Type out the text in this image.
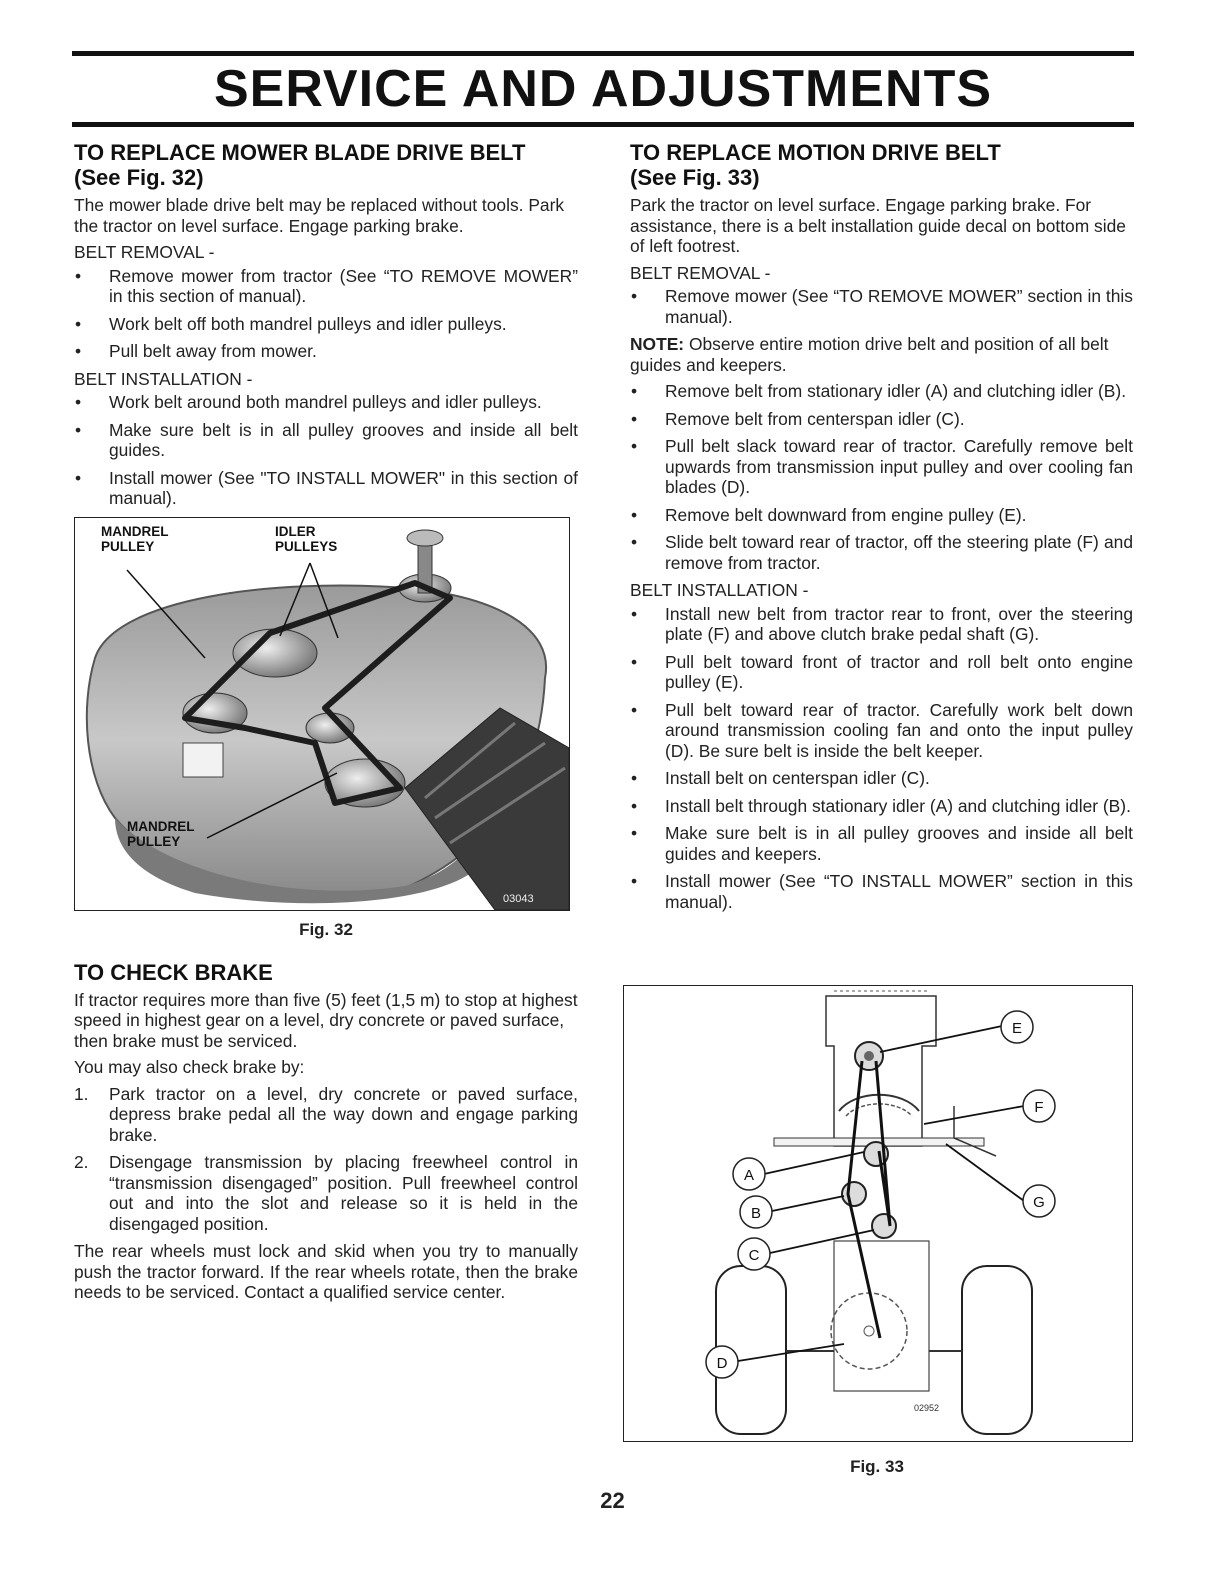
SERVICE AND ADJUSTMENTS
TO REPLACE MOWER BLADE DRIVE BELT
(See Fig. 32)

The mower blade drive belt may be replaced without tools. Park the tractor on level surface. Engage parking brake.

BELT REMOVAL -
• Remove mower from tractor (See “TO REMOVE MOWER” in this section of manual).
• Work belt off both mandrel pulleys and idler pulleys.
• Pull belt away from mower.
BELT INSTALLATION -
• Work belt around both mandrel pulleys and idler pulleys.
• Make sure belt is in all pulley grooves and inside all belt guides.
• Install mower (See "TO INSTALL MOWER" in this section of manual).
MANDREL
PULLEY
IDLER
PULLEYS
MANDREL
PULLEY
03043
Fig. 32
TO CHECK BRAKE

If tractor requires more than five (5) feet (1,5 m) to stop at highest speed in highest gear on a level, dry concrete or paved surface, then brake must be serviced.

You may also check brake by:

1. Park tractor on a level, dry concrete or paved surface, depress brake pedal all the way down and engage parking brake.
2. Disengage transmission by placing freewheel control in “transmission disengaged” position. Pull freewheel control out and into the slot and release so it is held in the disengaged position.

The rear wheels must lock and skid when you try to manually push the tractor forward. If the rear wheels rotate, then the brake needs to be serviced. Contact a qualified service center.

TO REPLACE MOTION DRIVE BELT
(See Fig. 33)

Park the tractor on level surface. Engage parking brake. For assistance, there is a belt installation guide decal on bottom side of left footrest.

BELT REMOVAL -
• Remove mower (See “TO REMOVE MOWER” section in this manual).

NOTE: Observe entire motion drive belt and position of all belt guides and keepers.

• Remove belt from stationary idler (A) and clutching idler (B).
• Remove belt from centerspan idler (C).
• Pull belt slack toward rear of tractor. Carefully remove belt upwards from transmission input pulley and over cooling fan blades (D).
• Remove belt downward from engine pulley (E).
• Slide belt toward rear of tractor, off the steering plate (F) and remove from tractor.
BELT INSTALLATION -
• Install new belt from tractor rear to front, over the steering plate (F) and above clutch brake pedal shaft (G).
• Pull belt toward front of tractor and roll belt onto engine pulley (E).
• Pull belt toward rear of tractor. Carefully work belt down around transmission cooling fan and onto the input pulley (D). Be sure belt is inside the belt keeper.
• Install belt on centerspan idler (C).
• Install belt through stationary idler (A) and clutching idler (B).
• Make sure belt is in all pulley grooves and inside all belt guides and keepers.
• Install mower (See “TO INSTALL MOWER” section in this manual).
E
F
G
A
B
C
D
02952
Fig. 33
22
